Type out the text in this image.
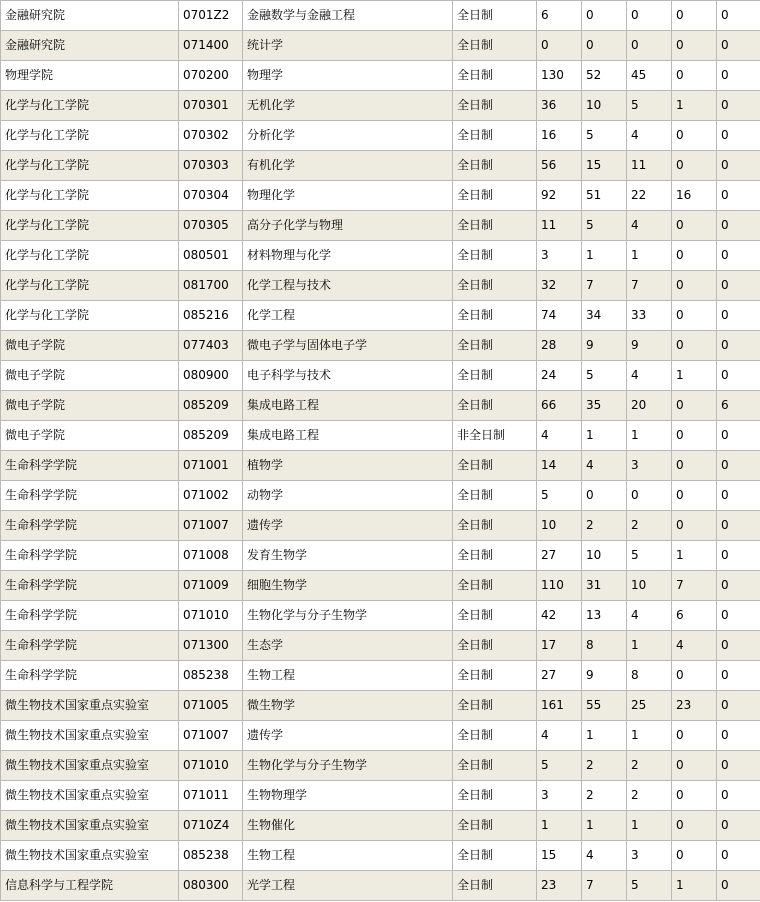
金融研究院	0701Z2	金融数学与金融工程	全日制	6	0	0	0	0
金融研究院	071400	统计学	全日制	0	0	0	0	0
物理学院	070200	物理学	全日制	130	52	45	0	0
化学与化工学院	070301	无机化学	全日制	36	10	5	1	0
化学与化工学院	070302	分析化学	全日制	16	5	4	0	0
化学与化工学院	070303	有机化学	全日制	56	15	11	0	0
化学与化工学院	070304	物理化学	全日制	92	51	22	16	0
化学与化工学院	070305	高分子化学与物理	全日制	11	5	4	0	0
化学与化工学院	080501	材料物理与化学	全日制	3	1	1	0	0
化学与化工学院	081700	化学工程与技术	全日制	32	7	7	0	0
化学与化工学院	085216	化学工程	全日制	74	34	33	0	0
微电子学院	077403	微电子学与固体电子学	全日制	28	9	9	0	0
微电子学院	080900	电子科学与技术	全日制	24	5	4	1	0
微电子学院	085209	集成电路工程	全日制	66	35	20	0	6
微电子学院	085209	集成电路工程	非全日制	4	1	1	0	0
生命科学学院	071001	植物学	全日制	14	4	3	0	0
生命科学学院	071002	动物学	全日制	5	0	0	0	0
生命科学学院	071007	遗传学	全日制	10	2	2	0	0
生命科学学院	071008	发育生物学	全日制	27	10	5	1	0
生命科学学院	071009	细胞生物学	全日制	110	31	10	7	0
生命科学学院	071010	生物化学与分子生物学	全日制	42	13	4	6	0
生命科学学院	071300	生态学	全日制	17	8	1	4	0
生命科学学院	085238	生物工程	全日制	27	9	8	0	0
微生物技术国家重点实验室	071005	微生物学	全日制	161	55	25	23	0
微生物技术国家重点实验室	071007	遗传学	全日制	4	1	1	0	0
微生物技术国家重点实验室	071010	生物化学与分子生物学	全日制	5	2	2	0	0
微生物技术国家重点实验室	071011	生物物理学	全日制	3	2	2	0	0
微生物技术国家重点实验室	0710Z4	生物催化	全日制	1	1	1	0	0
微生物技术国家重点实验室	085238	生物工程	全日制	15	4	3	0	0
信息科学与工程学院	080300	光学工程	全日制	23	7	5	1	0
